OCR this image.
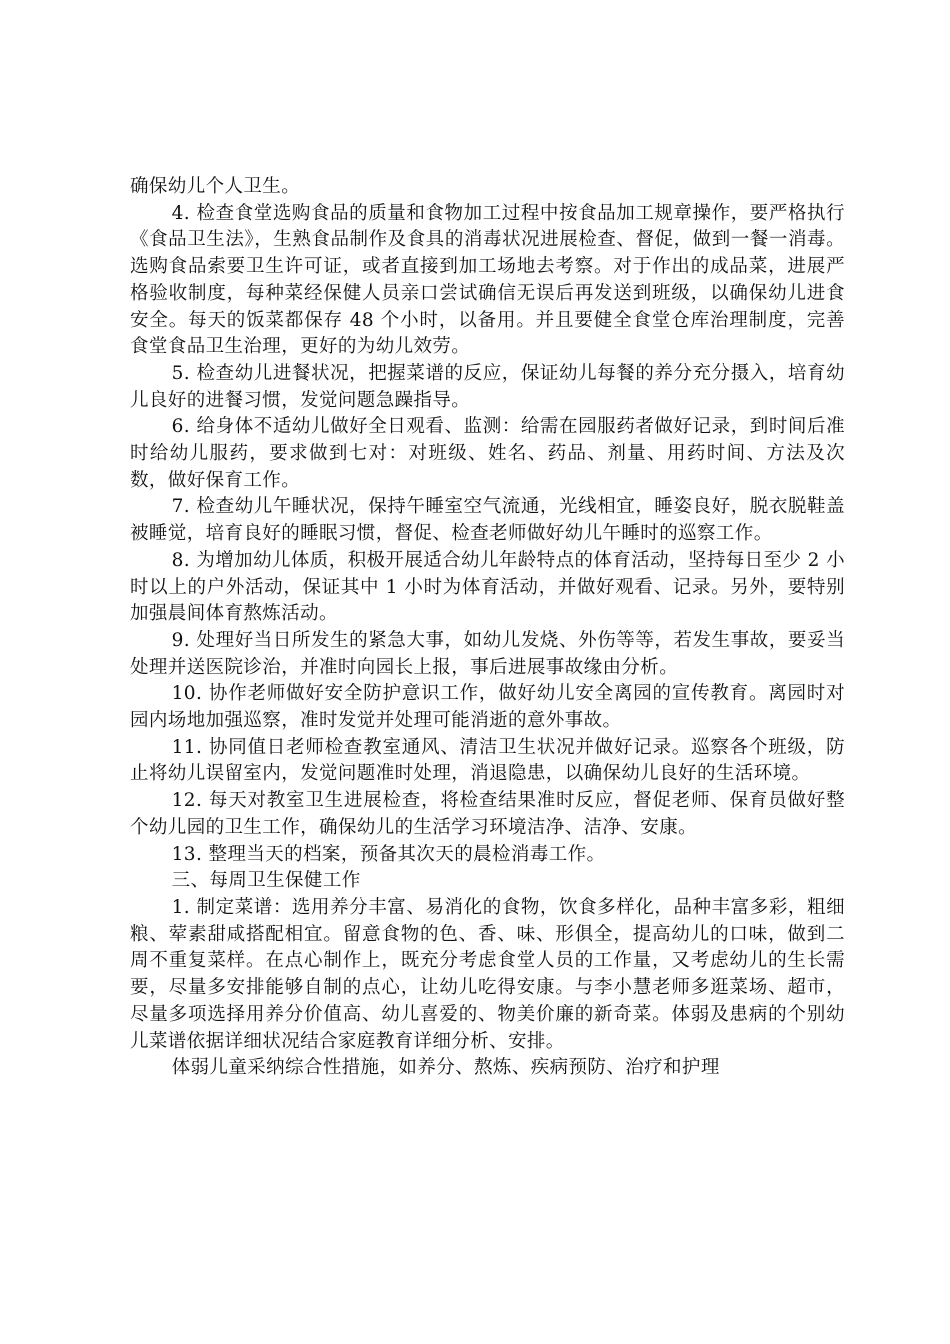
确保幼儿个人卫生。

4. 检查食堂选购食品的质量和食物加工过程中按食品加工规章操作，要严格执行《食品卫生法》，生熟食品制作及食具的消毒状况进展检查、督促，做到一餐一消毒。选购食品索要卫生许可证，或者直接到加工场地去考察。对于作出的成品菜，进展严格验收制度，每种菜经保健人员亲口尝试确信无误后再发送到班级，以确保幼儿进食安全。每天的饭菜都保存 48 个小时，以备用。并且要健全食堂仓库治理制度，完善食堂食品卫生治理，更好的为幼儿效劳。

5. 检查幼儿进餐状况，把握菜谱的反应，保证幼儿每餐的养分充分摄入，培育幼儿良好的进餐习惯，发觉问题急躁指导。

6. 给身体不适幼儿做好全日观看、监测：给需在园服药者做好记录，到时间后准时给幼儿服药，要求做到七对：对班级、姓名、药品、剂量、用药时间、方法及次数，做好保育工作。

7. 检查幼儿午睡状况，保持午睡室空气流通，光线相宜，睡姿良好，脱衣脱鞋盖被睡觉，培育良好的睡眠习惯，督促、检查老师做好幼儿午睡时的巡察工作。

8. 为增加幼儿体质，积极开展适合幼儿年龄特点的体育活动，坚持每日至少 2 小时以上的户外活动，保证其中 1 小时为体育活动，并做好观看、记录。另外，要特别加强晨间体育熬炼活动。

9. 处理好当日所发生的紧急大事，如幼儿发烧、外伤等等，若发生事故，要妥当处理并送医院诊治，并准时向园长上报，事后进展事故缘由分析。

10. 协作老师做好安全防护意识工作，做好幼儿安全离园的宣传教育。离园时对园内场地加强巡察，准时发觉并处理可能消逝的意外事故。

11. 协同值日老师检查教室通风、清洁卫生状况并做好记录。巡察各个班级，防止将幼儿误留室内，发觉问题准时处理，消退隐患，以确保幼儿良好的生活环境。

12. 每天对教室卫生进展检查，将检查结果准时反应，督促老师、保育员做好整个幼儿园的卫生工作，确保幼儿的生活学习环境洁净、洁净、安康。

13. 整理当天的档案，预备其次天的晨检消毒工作。

三、每周卫生保健工作

1. 制定菜谱：选用养分丰富、易消化的食物，饮食多样化，品种丰富多彩，粗细粮、荤素甜咸搭配相宜。留意食物的色、香、味、形俱全，提高幼儿的口味，做到二周不重复菜样。在点心制作上，既充分考虑食堂人员的工作量，又考虑幼儿的生长需要，尽量多安排能够自制的点心，让幼儿吃得安康。与李小慧老师多逛菜场、超市，尽量多项选择用养分价值高、幼儿喜爱的、物美价廉的新奇菜。体弱及患病的个别幼儿菜谱依据详细状况结合家庭教育详细分析、安排。

体弱儿童采纳综合性措施，如养分、熬炼、疾病预防、治疗和护理
